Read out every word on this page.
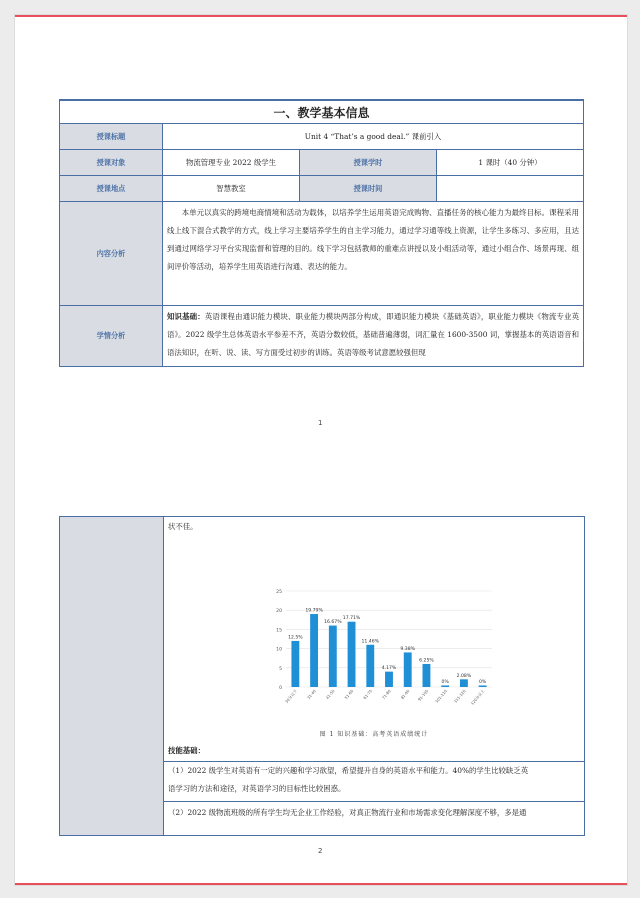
一、教学基本信息			
授课标题	Unit 4 “That’s a good deal.” 课前引入		
授课对象	物流管理专业 2022 级学生	授课学时	1 课时（40 分钟）
授课地点	智慧教室	授课时间	
内容分析	本单元以真实的跨境电商情境和活动为载体，以培养学生运用英语完成购物、直播任务的核心能力为最终目标。课程采用线上线下混合式教学的方式，线上学习主要培养学生的自主学习能力，通过学习通等线上资源，让学生多练习、多应用，且达到通过网络学习平台实现监督和管理的目的。线下学习包括教师的重难点讲授以及小组活动等，通过小组合作、场景再现、组间评价等活动，培养学生用英语进行沟通、表达的能力。		

学情分析	知识基础：英语课程由通识能力模块、职业能力模块两部分构成，即通识能力模块《基础英语》，职业能力模块《物流专业英语》。2022 级学生总体英语水平参差不齐，英语分数较低，基础普遍薄弱，词汇量在 1600-3500 词，掌握基本的英语语音和语法知识，在听、说、读、写方面受过初步的训练。英语等级考试意愿较强但现		
1
状不佳。
0
5
10
15
20
25
12.5%
19.79%
16.67%
17.71%
11.46%
4.17%
9.38%
6.25%
0%
2.08%
0%
30分以下 31-40 41-50 51-60 61-70 71-80 81-90 91-100 101-110 111-120 120分以上
图 1 知识基础：高考英语成绩统计
技能基础：
（1）2022 级学生对英语有一定的兴趣和学习欲望，希望提升自身的英语水平和能力。40%的学生比较缺乏英
语学习的方法和途径，对英语学习的目标性比较困惑。
（2）2022 级物流班级的所有学生均无企业工作经验，对真正物流行业和市场需求变化理解深度不够，多是通
2
